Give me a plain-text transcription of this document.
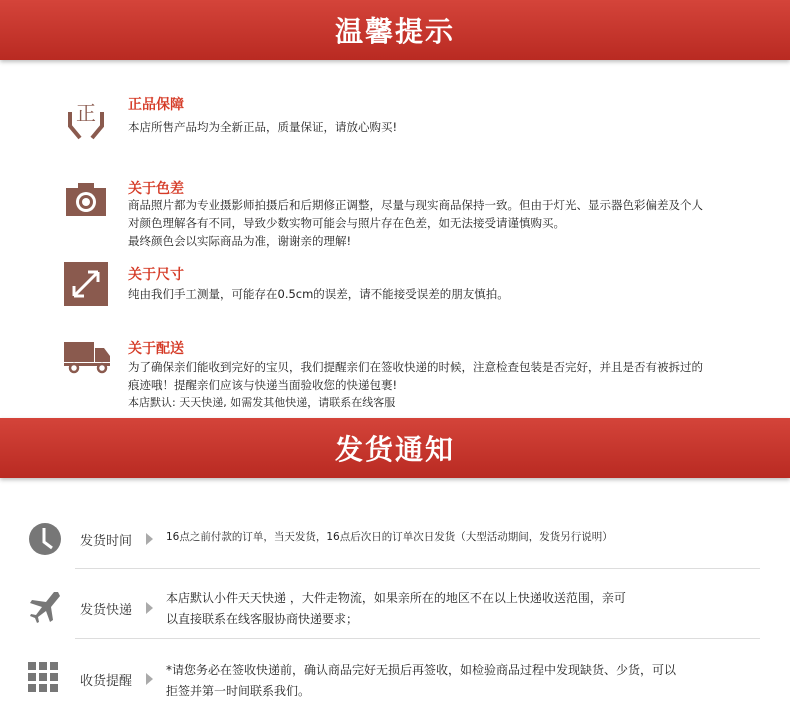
温馨提示
正 正品保障
本店所售产品均为全新正品，质量保证，请放心购买!
关于色差
商品照片都为专业摄影师拍摄后和后期修正调整，尽量与现实商品保持一致。但由于灯光、显示器色彩偏差及个人
对颜色理解各有不同，导致少数实物可能会与照片存在色差，如无法接受请谨慎购买。
最终颜色会以实际商品为准，谢谢亲的理解!
关于尺寸
纯由我们手工测量，可能存在0.5cm的误差，请不能接受误差的朋友慎拍。
关于配送
为了确保亲们能收到完好的宝贝，我们提醒亲们在签收快递的时候，注意检查包装是否完好，并且是否有被拆过的
痕迹哦！提醒亲们应该与快递当面验收您的快递包裹!
本店默认: 天天快递, 如需发其他快递，请联系在线客服
发货通知
发货时间	16点之前付款的订单，当天发货，16点后次日的订单次日发货（大型活动期间，发货另行说明）
发货快递
本店默认小件天天快递 ，大件走物流，如果亲所在的地区不在以上快递收送范围，亲可
以直接联系在线客服协商快递要求；
收货提醒
*请您务必在签收快递前，确认商品完好无损后再签收，如检验商品过程中发现缺货、少货，可以
拒签并第一时间联系我们。
